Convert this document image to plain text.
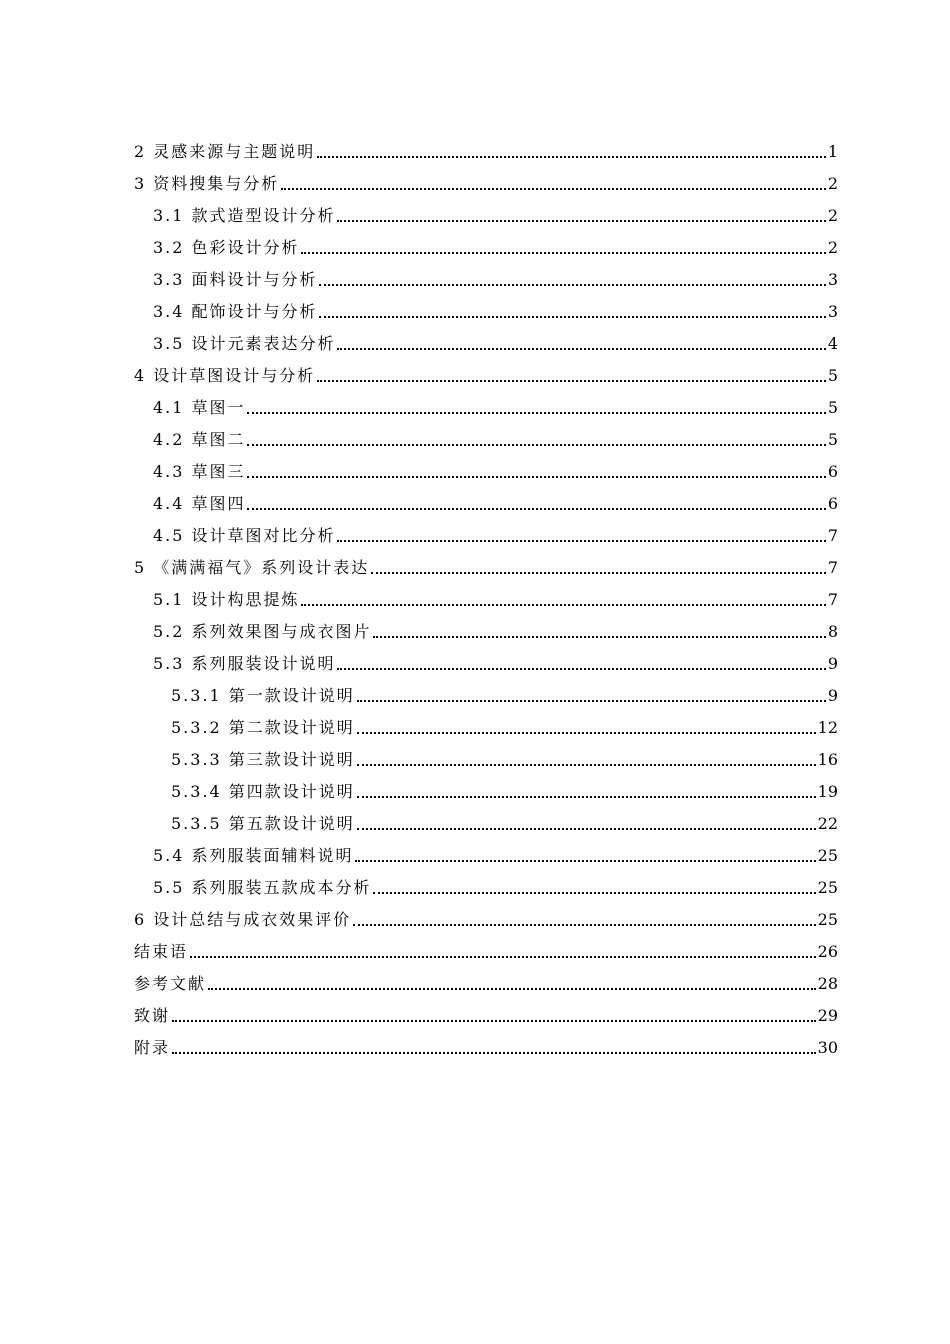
2 灵感来源与主题说明	1
3 资料搜集与分析	2
3.1 款式造型设计分析	2
3.2 色彩设计分析	2
3.3 面料设计与分析	3
3.4 配饰设计与分析	3
3.5 设计元素表达分析	4
4 设计草图设计与分析	5
4.1 草图一	5
4.2 草图二	5
4.3 草图三	6
4.4 草图四	6
4.5 设计草图对比分析	7
5 《满满福气》系列设计表达	7
5.1 设计构思提炼	7
5.2 系列效果图与成衣图片	8
5.3 系列服装设计说明	9
5.3.1 第一款设计说明	9
5.3.2 第二款设计说明	12
5.3.3 第三款设计说明	16
5.3.4 第四款设计说明	19
5.3.5 第五款设计说明	22
5.4 系列服装面辅料说明	25
5.5 系列服装五款成本分析	25
6 设计总结与成衣效果评价	25
结束语	26
参考文献	28
致谢	29
附录	30
